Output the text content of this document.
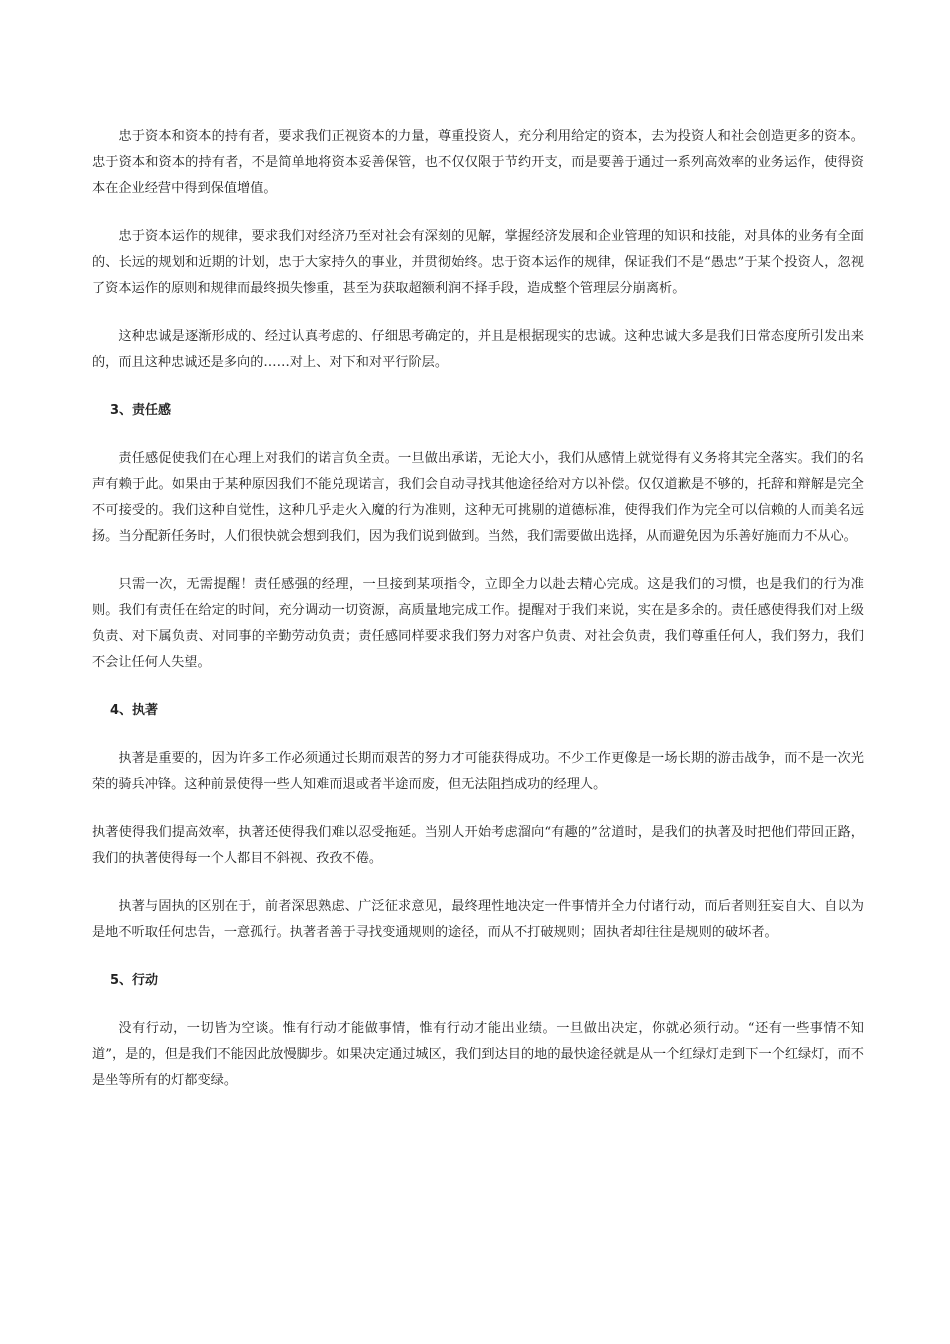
忠于资本和资本的持有者，要求我们正视资本的力量，尊重投资人，充分利用给定的资本，去为投资人和社会创造更多的资本。忠于资本和资本的持有者，不是简单地将资本妥善保管，也不仅仅限于节约开支，而是要善于通过一系列高效率的业务运作，使得资本在企业经营中得到保值增值。

忠于资本运作的规律，要求我们对经济乃至对社会有深刻的见解，掌握经济发展和企业管理的知识和技能，对具体的业务有全面的、长远的规划和近期的计划，忠于大家持久的事业，并贯彻始终。忠于资本运作的规律，保证我们不是“愚忠”于某个投资人，忽视了资本运作的原则和规律而最终损失惨重，甚至为获取超额利润不择手段，造成整个管理层分崩离析。

这种忠诚是逐渐形成的、经过认真考虑的、仔细思考确定的，并且是根据现实的忠诚。这种忠诚大多是我们日常态度所引发出来的，而且这种忠诚还是多向的……对上、对下和对平行阶层。

3、责任感

责任感促使我们在心理上对我们的诺言负全责。一旦做出承诺，无论大小，我们从感情上就觉得有义务将其完全落实。我们的名声有赖于此。如果由于某种原因我们不能兑现诺言，我们会自动寻找其他途径给对方以补偿。仅仅道歉是不够的，托辞和辩解是完全不可接受的。我们这种自觉性，这种几乎走火入魔的行为准则，这种无可挑剔的道德标准，使得我们作为完全可以信赖的人而美名远扬。当分配新任务时，人们很快就会想到我们，因为我们说到做到。当然，我们需要做出选择，从而避免因为乐善好施而力不从心。

只需一次，无需提醒！责任感强的经理，一旦接到某项指令，立即全力以赴去精心完成。这是我们的习惯，也是我们的行为准则。我们有责任在给定的时间，充分调动一切资源，高质量地完成工作。提醒对于我们来说，实在是多余的。责任感使得我们对上级负责、对下属负责、对同事的辛勤劳动负责；责任感同样要求我们努力对客户负责、对社会负责，我们尊重任何人，我们努力，我们不会让任何人失望。

4、执著

执著是重要的，因为许多工作必须通过长期而艰苦的努力才可能获得成功。不少工作更像是一场长期的游击战争，而不是一次光荣的骑兵冲锋。这种前景使得一些人知难而退或者半途而废，但无法阻挡成功的经理人。

执著使得我们提高效率，执著还使得我们难以忍受拖延。当别人开始考虑溜向“有趣的”岔道时，是我们的执著及时把他们带回正路，我们的执著使得每一个人都目不斜视、孜孜不倦。

执著与固执的区别在于，前者深思熟虑、广泛征求意见，最终理性地决定一件事情并全力付诸行动，而后者则狂妄自大、自以为是地不听取任何忠告，一意孤行。执著者善于寻找变通规则的途径，而从不打破规则；固执者却往往是规则的破坏者。

5、行动

没有行动，一切皆为空谈。惟有行动才能做事情，惟有行动才能出业绩。一旦做出决定，你就必须行动。“还有一些事情不知道”，是的，但是我们不能因此放慢脚步。如果决定通过城区，我们到达目的地的最快途径就是从一个红绿灯走到下一个红绿灯，而不是坐等所有的灯都变绿。
